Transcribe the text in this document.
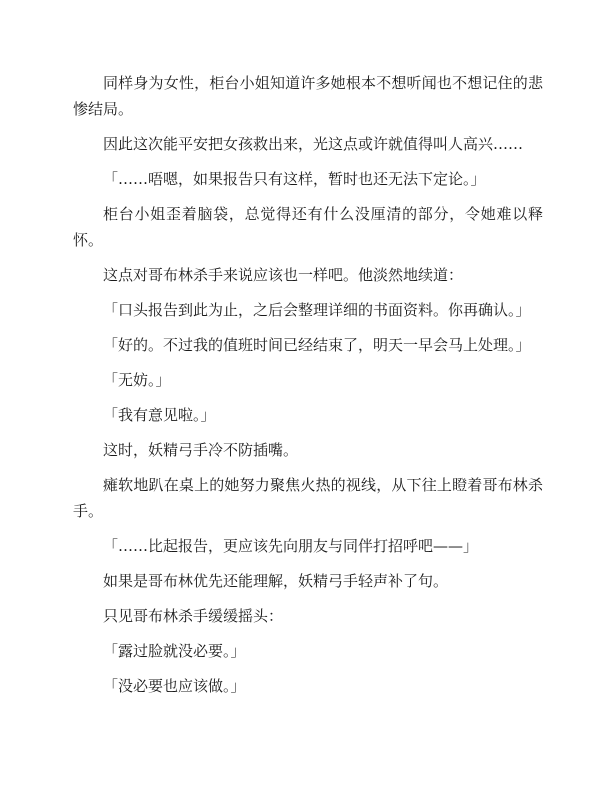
同样身为女性，柜台小姐知道许多她根本不想听闻也不想记住的悲惨结局。

因此这次能平安把女孩救出来，光这点或许就值得叫人高兴……

「……唔嗯，如果报告只有这样，暂时也还无法下定论。」

柜台小姐歪着脑袋，总觉得还有什么没厘清的部分，令她难以释怀。

这点对哥布林杀手来说应该也一样吧。他淡然地续道：

「口头报告到此为止，之后会整理详细的书面资料。你再确认。」

「好的。不过我的值班时间已经结束了，明天一早会马上处理。」

「无妨。」

「我有意见啦。」

这时，妖精弓手冷不防插嘴。

瘫软地趴在桌上的她努力聚焦火热的视线，从下往上瞪着哥布林杀手。

「……比起报告，更应该先向朋友与同伴打招呼吧——」

如果是哥布林优先还能理解，妖精弓手轻声补了句。

只见哥布林杀手缓缓摇头：

「露过脸就没必要。」

「没必要也应该做。」
